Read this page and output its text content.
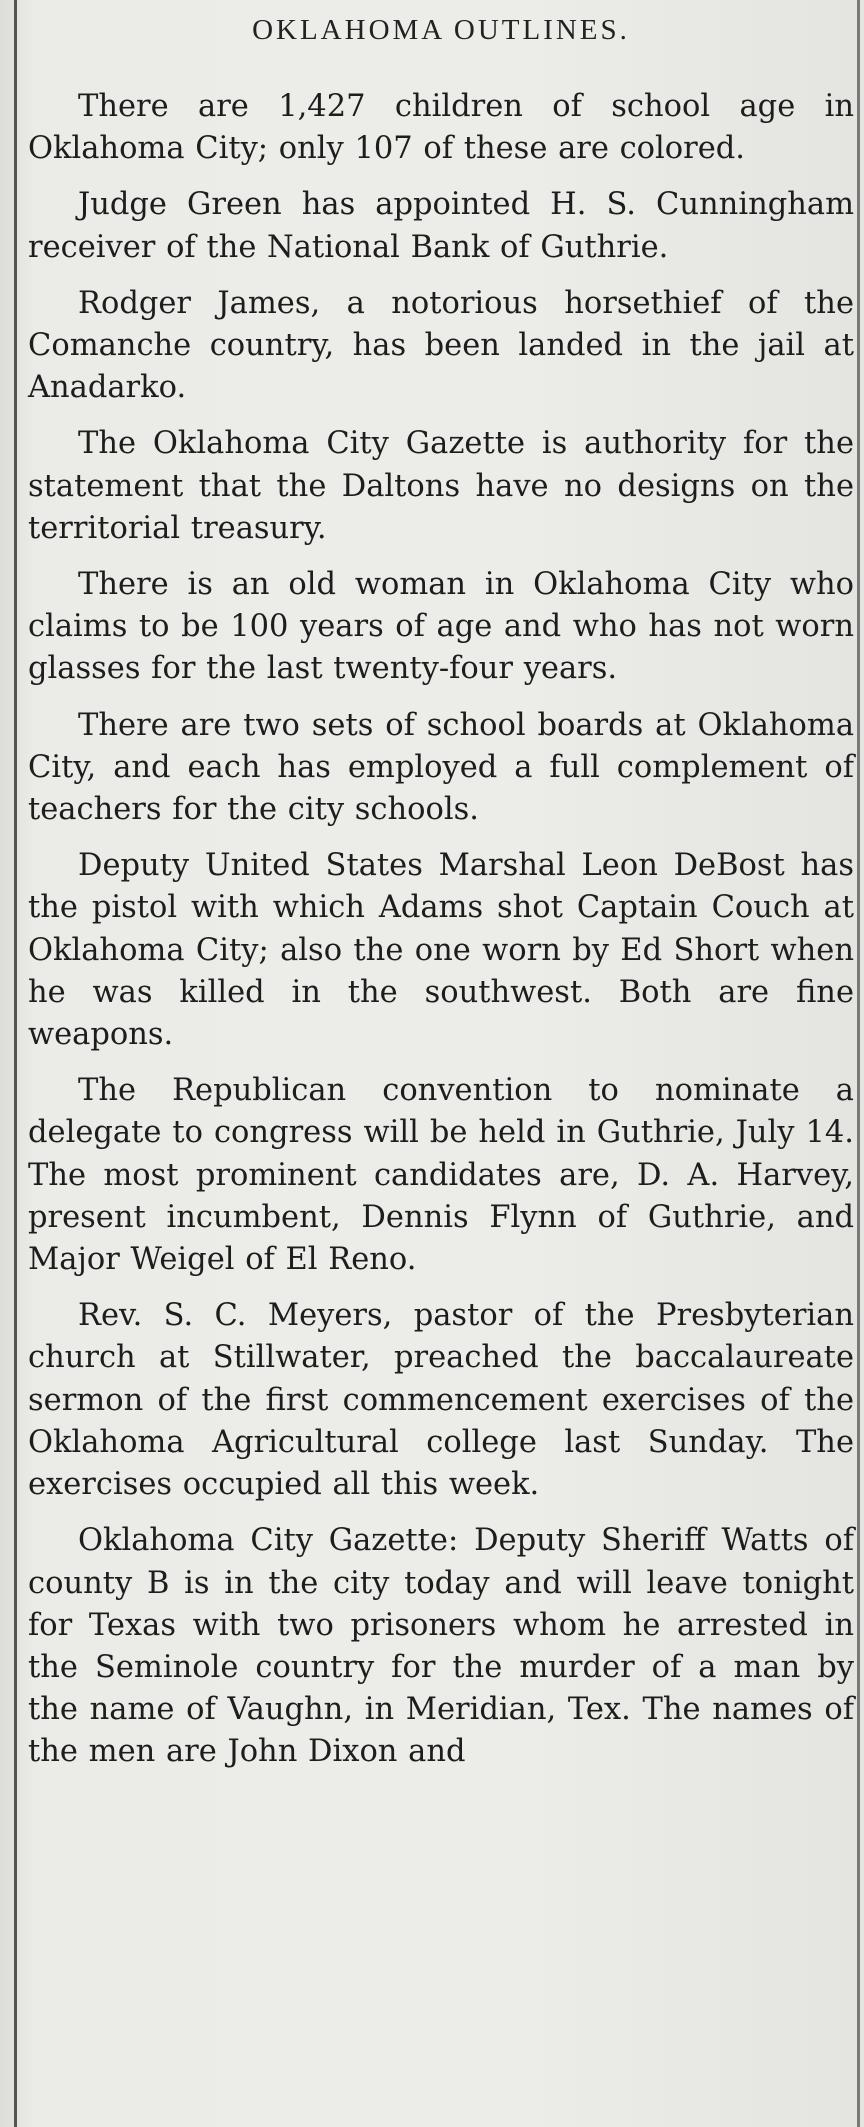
OKLAHOMA OUTLINES.

There are 1,427 children of school age in Oklahoma City; only 107 of these are colored.

Judge Green has appointed H. S. Cunningham receiver of the National Bank of Guthrie.

Rodger James, a notorious horsethief of the Comanche country, has been landed in the jail at Anadarko.

The Oklahoma City Gazette is authority for the statement that the Daltons have no designs on the territorial treasury.

There is an old woman in Oklahoma City who claims to be 100 years of age and who has not worn glasses for the last twenty-four years.

There are two sets of school boards at Oklahoma City, and each has employed a full complement of teachers for the city schools.

Deputy United States Marshal Leon DeBost has the pistol with which Adams shot Captain Couch at Oklahoma City; also the one worn by Ed Short when he was killed in the southwest. Both are fine weapons.

The Republican convention to nominate a delegate to congress will be held in Guthrie, July 14. The most prominent candidates are, D. A. Harvey, present incumbent, Dennis Flynn of Guthrie, and Major Weigel of El Reno.

Rev. S. C. Meyers, pastor of the Presbyterian church at Stillwater, preached the baccalaureate sermon of the first commencement exercises of the Oklahoma Agricultural college last Sunday. The exercises occupied all this week.

Oklahoma City Gazette: Deputy Sheriff Watts of county B is in the city today and will leave tonight for Texas with two prisoners whom he arrested in the Seminole country for the murder of a man by the name of Vaughn, in Meridian, Tex. The names of the men are John Dixon and
